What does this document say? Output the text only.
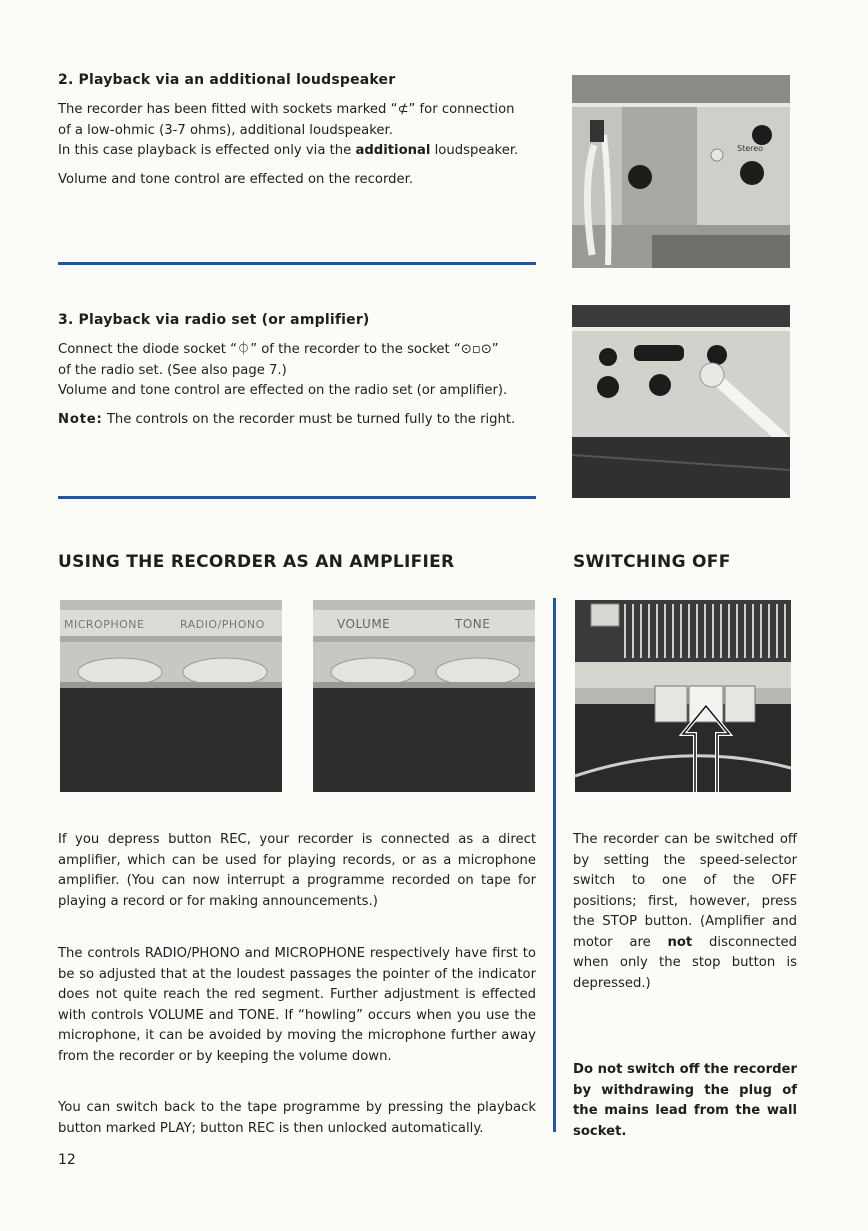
2. Playback via an additional loudspeaker
The recorder has been fitted with sockets marked “⊄” for connection
of a low-ohmic (3-7 ohms), additional loudspeaker.
In this case playback is effected only via the additional loudspeaker.
Volume and tone control are effected on the recorder.
Stereo
3. Playback via radio set (or amplifier)
Connect the diode socket “⏀” of the recorder to the socket “⊙▫⊙”
of the radio set. (See also page 7.)
Volume and tone control are effected on the radio set (or amplifier).
Note: The controls on the recorder must be turned fully to the right.
USING THE RECORDER AS AN AMPLIFIER
MICROPHONE	RADIO/PHONO	VOLUME	TONE
If you depress button REC, your recorder is connected as a direct amplifier, which can be used for playing records, or as a microphone amplifier. (You can now interrupt a programme recorded on tape for playing a record or for making announcements.)
The controls RADIO/PHONO and MICROPHONE respectively have first to be so adjusted that at the loudest passages the pointer of the indicator does not quite reach the red segment. Further adjustment is effected with controls VOLUME and TONE. If “howling” occurs when you use the microphone, it can be avoided by moving the microphone further away from the recorder or by keeping the volume down.
You can switch back to the tape programme by pressing the playback button marked PLAY; button REC is then unlocked automatically.
SWITCHING OFF
The recorder can be switched off by setting the speed-selector switch to one of the OFF positions; first, however, press the STOP button. (Amplifier and motor are not disconnected when only the stop button is depressed.)
Do not switch off the recorder by withdrawing the plug of the mains lead from the wall socket.
12
